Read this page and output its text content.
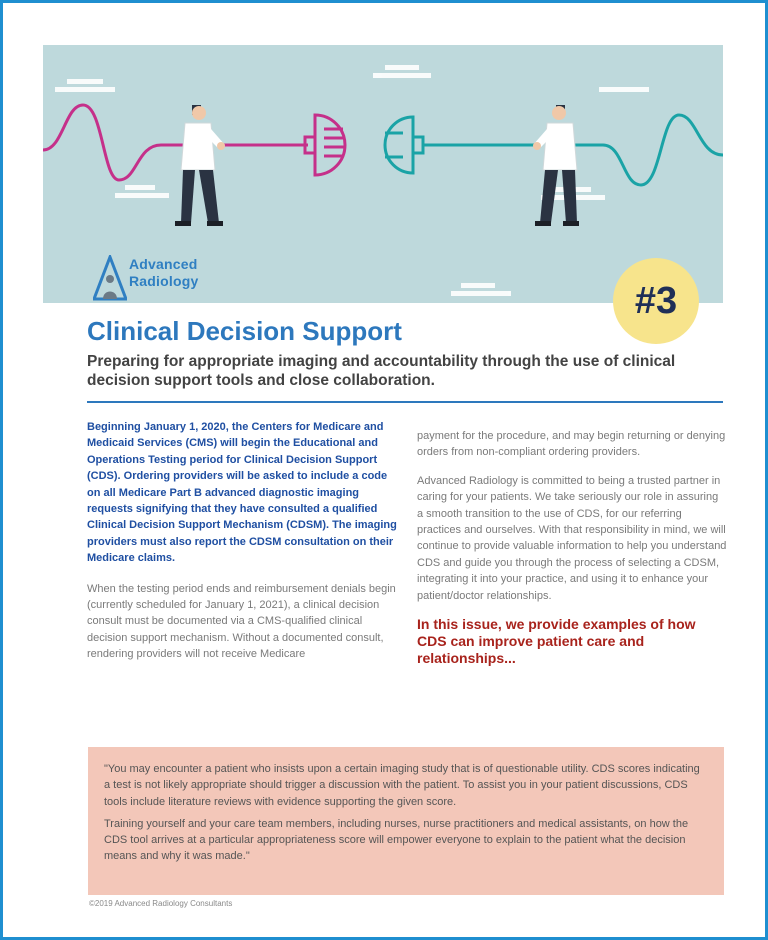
Advanced
Radiology	#3
Clinical Decision Support
Preparing for appropriate imaging and accountability through the use of clinical decision support tools and close collaboration.

Beginning January 1, 2020, the Centers for Medicare and Medicaid Services (CMS) will begin the Educational and Operations Testing period for Clinical Decision Support (CDS). Ordering providers will be asked to include a code on all Medicare Part B advanced diagnostic imaging requests signifying that they have consulted a qualified Clinical Decision Support Mechanism (CDSM). The imaging providers must also report the CDSM consultation on their Medicare claims.

When the testing period ends and reimbursement denials begin (currently scheduled for January 1, 2021), a clinical decision consult must be documented via a CMS-qualified clinical decision support mechanism. Without a documented consult, rendering providers will not receive Medicare

payment for the procedure, and may begin returning or denying orders from non-compliant ordering providers.

Advanced Radiology is committed to being a trusted partner in caring for your patients. We take seriously our role in assuring a smooth transition to the use of CDS, for our referring practices and ourselves. With that responsibility in mind, we will continue to provide valuable information to help you understand CDS and guide you through the process of selecting a CDSM, integrating it into your practice, and using it to enhance your patient/doctor relationships.

In this issue, we provide examples of how CDS can improve patient care and relationships...

"You may encounter a patient who insists upon a certain imaging study that is of questionable utility. CDS scores indicating a test is not likely appropriate should trigger a discussion with the patient. To assist you in your patient discussions, CDS tools include literature reviews with evidence supporting the given score.

Training yourself and your care team members, including nurses, nurse practitioners and medical assistants, on how the CDS tool arrives at a particular appropriateness score will empower everyone to explain to the patient what the decision means and why it was made."

©2019 Advanced Radiology Consultants
